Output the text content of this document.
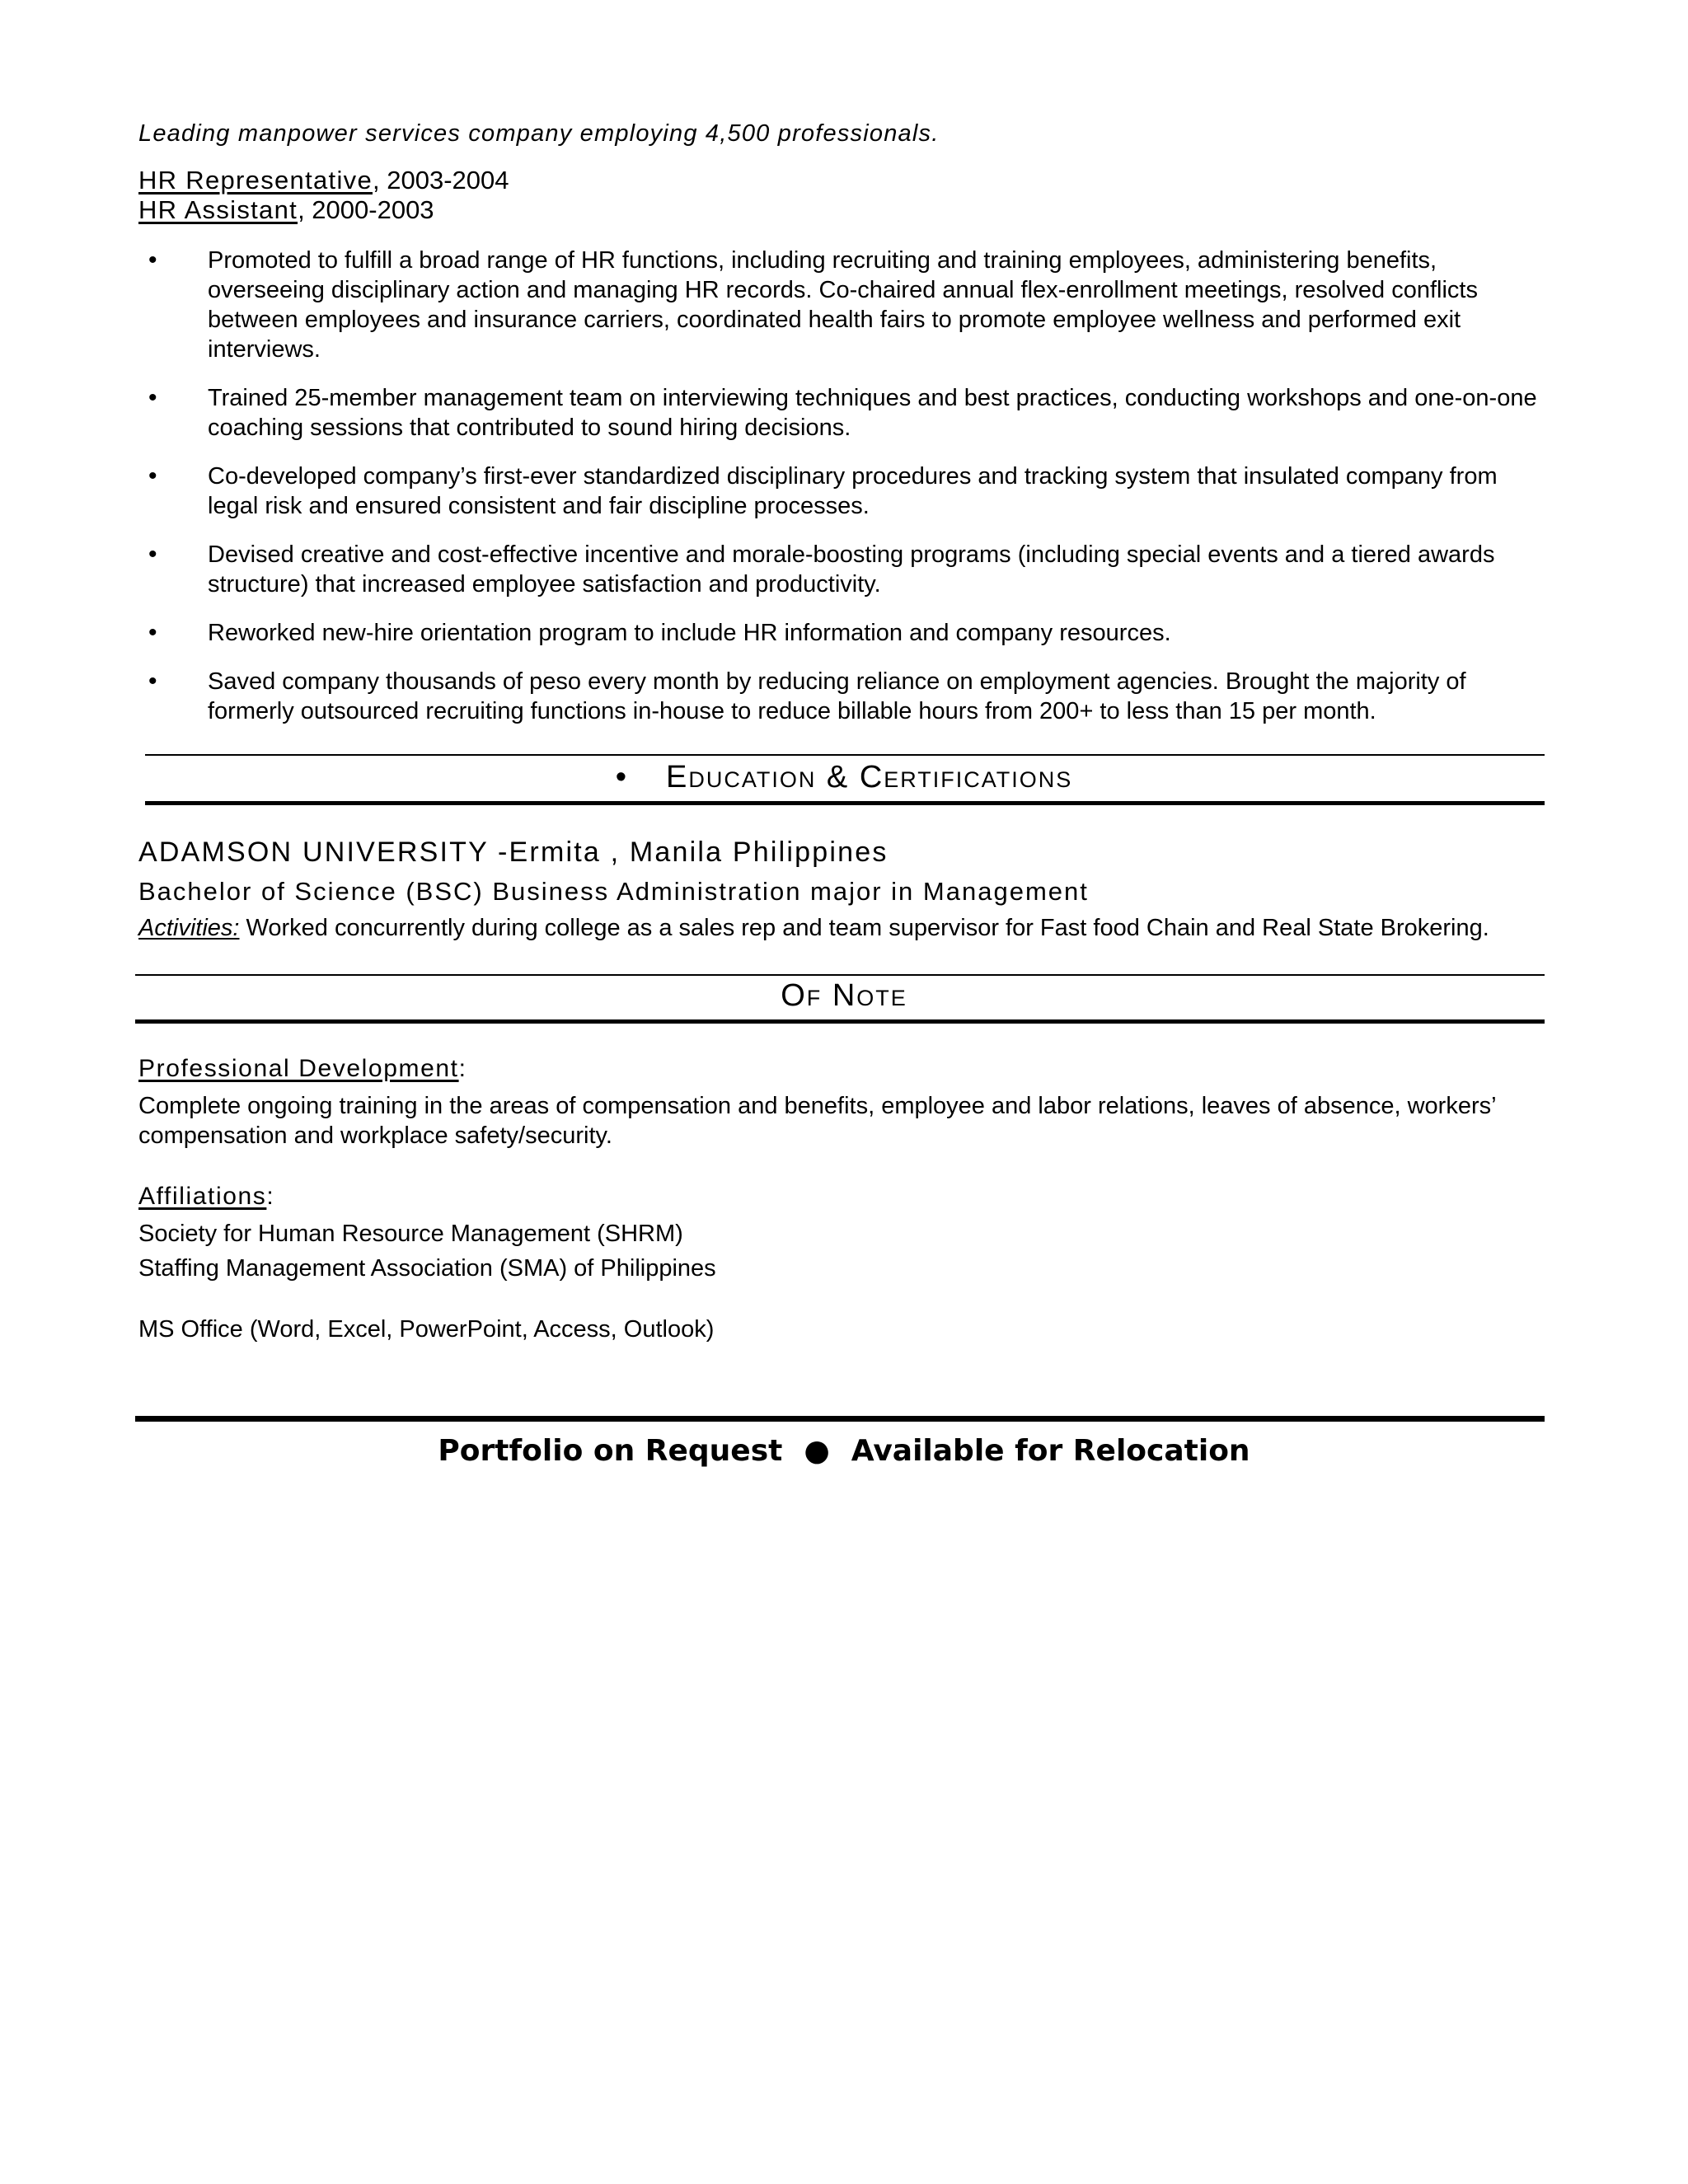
Leading manpower services company employing 4,500 professionals.
HR Representative, 2003-2004
HR Assistant, 2000-2003
• Promoted to fulfill a broad range of HR functions, including recruiting and training employees, administering benefits, overseeing disciplinary action and managing HR records. Co-chaired annual flex-enrollment meetings, resolved conflicts between employees and insurance carriers, coordinated health fairs to promote employee wellness and performed exit interviews.
• Trained 25-member management team on interviewing techniques and best practices, conducting workshops and one-on-one coaching sessions that contributed to sound hiring decisions.
• Co-developed company’s first-ever standardized disciplinary procedures and tracking system that insulated company from legal risk and ensured consistent and fair discipline processes.
• Devised creative and cost-effective incentive and morale-boosting programs (including special events and a tiered awards structure) that increased employee satisfaction and productivity.
• Reworked new-hire orientation program to include HR information and company resources.
• Saved company thousands of peso every month by reducing reliance on employment agencies. Brought the majority of formerly outsourced recruiting functions in-house to reduce billable hours from 200+ to less than 15 per month.
• Education & Certifications
ADAMSON UNIVERSITY -Ermita , Manila Philippines
Bachelor of Science (BSC) Business Administration major in Management
Activities: Worked concurrently during college as a sales rep and team supervisor for Fast food Chain and Real State Brokering.
Of Note
Professional Development:
Complete ongoing training in the areas of compensation and benefits, employee and labor relations, leaves of absence, workers’ compensation and workplace safety/security.
Affiliations:
Society for Human Resource Management (SHRM)
Staffing Management Association (SMA) of Philippines
MS Office (Word, Excel, PowerPoint, Access, Outlook)
Portfolio on Request ● Available for Relocation
